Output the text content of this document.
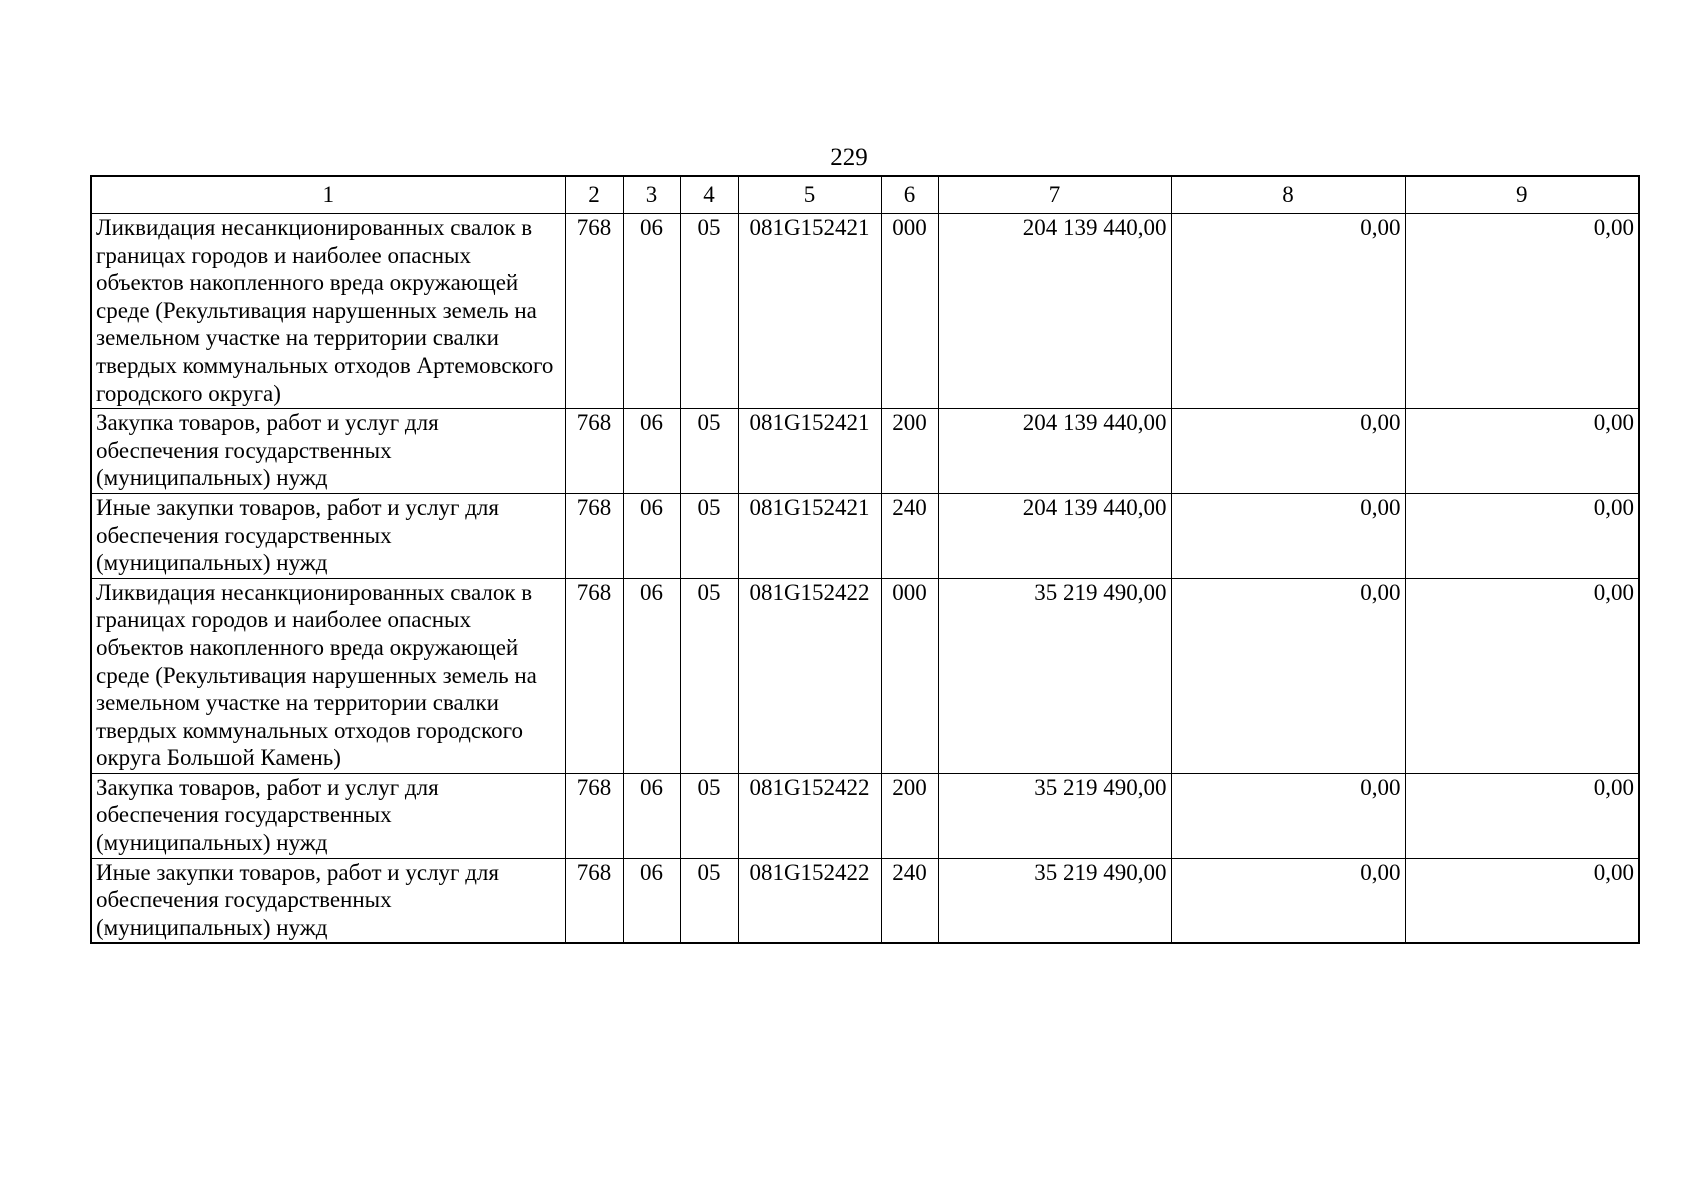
229
1	2	3	4	5	6	7	8	9
Ликвидация несанкционированных свалок в границах городов и наиболее опасных объектов накопленного вреда окружающей среде (Рекультивация нарушенных земель на земельном участке на территории свалки твердых коммунальных отходов Артемовского городского округа)	768	06	05	081G152421	000	204 139 440,00	0,00	0,00
Закупка товаров, работ и услуг для обеспечения государственных (муниципальных) нужд	768	06	05	081G152421	200	204 139 440,00	0,00	0,00
Иные закупки товаров, работ и услуг для обеспечения государственных (муниципальных) нужд	768	06	05	081G152421	240	204 139 440,00	0,00	0,00
Ликвидация несанкционированных свалок в границах городов и наиболее опасных объектов накопленного вреда окружающей среде (Рекультивация нарушенных земель на земельном участке на территории свалки твердых коммунальных отходов городского округа Большой Камень)	768	06	05	081G152422	000	35 219 490,00	0,00	0,00
Закупка товаров, работ и услуг для обеспечения государственных (муниципальных) нужд	768	06	05	081G152422	200	35 219 490,00	0,00	0,00
Иные закупки товаров, работ и услуг для обеспечения государственных (муниципальных) нужд	768	06	05	081G152422	240	35 219 490,00	0,00	0,00
